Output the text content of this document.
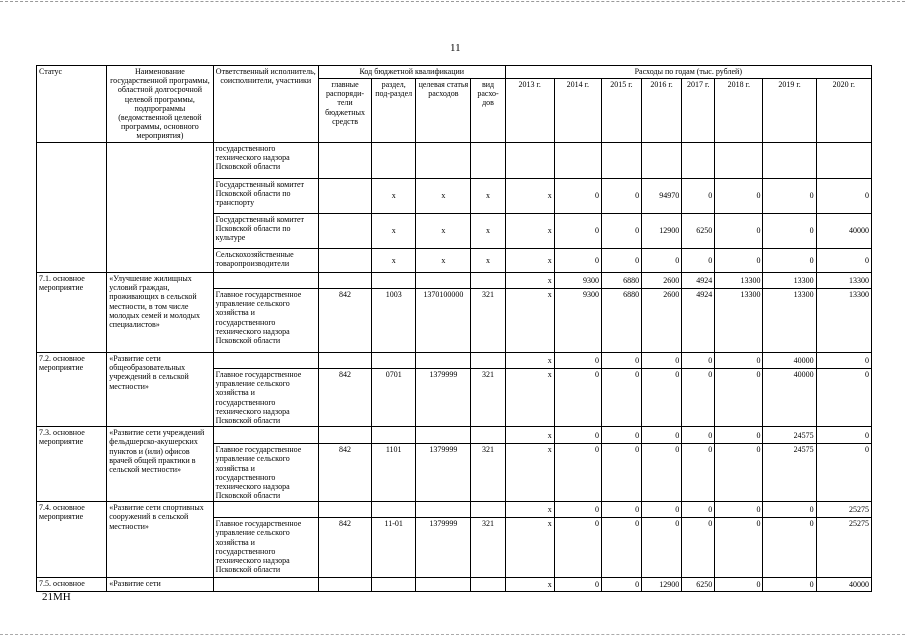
11
Статус	Наименование государственной программы, областной долгосрочной целевой программы, подпрограммы (ведомственной целевой программы, основного мероприятия)	Ответственный исполнитель, соисполнители, участники	Код бюджетной квалификации				Расходы по годам (тыс. рублей)							
			главные распоряди-тели бюджетных средств	раздел, под-раздел	целевая статья расходов	вид расхо-дов	2013 г.	2014 г.	2015 г.	2016 г.	2017 г.	2018 г.	2019 г.	2020 г.
		государственного технического надзора Псковской области												
		Государственный комитет Псковской области по транспорту		x	x	x	x	0	0	94970	0	0	0	0
		Государственный комитет Псковской области по культуре		x	x	x	x	0	0	12900	6250	0	0	40000
		Сельскохозяйственные товаропроизводители		x	x	x	x	0	0	0	0	0	0	0
7.1. основное мероприятие	«Улучшение жилищных условий граждан, проживающих в сельской местности, в том числе молодых семей и молодых специалистов»						x	9300	6880	2600	4924	13300	13300	13300
		Главное государственное управление сельского хозяйства и государственного технического надзора Псковской области	842	1003	1370100000	321	x	9300	6880	2600	4924	13300	13300	13300
7.2. основное мероприятие	«Развитие сети общеобразовательных учреждений в сельской местности»						x	0	0	0	0	0	40000	0
		Главное государственное управление сельского хозяйства и государственного технического надзора Псковской области	842	0701	1379999	321	x	0	0	0	0	0	40000	0
7.3. основное мероприятие	«Развитие сети учреждений фельдшерско-акушерских пунктов и (или) офисов врачей общей практики в сельской местности»						x	0	0	0	0	0	24575	0
		Главное государственное управление сельского хозяйства и государственного технического надзора Псковской области	842	1101	1379999	321	x	0	0	0	0	0	24575	0
7.4. основное мероприятие	«Развитие сети спортивных сооружений в сельской местности»						x	0	0	0	0	0	0	25275
		Главное государственное управление сельского хозяйства и государственного технического надзора Псковской области	842	11-01	1379999	321	x	0	0	0	0	0	0	25275
7.5. основное	«Развитие сети						x	0	0	12900	6250	0	0	40000
21МН
